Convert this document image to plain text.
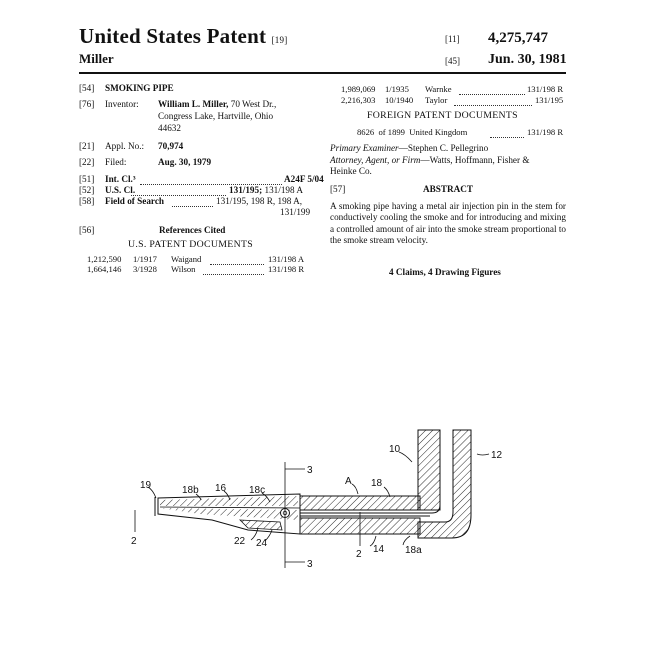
United States Patent [19]
Miller
[11] 4,275,747
[45] Jun. 30, 1981
[54] SMOKING PIPE
[76] Inventor: William L. Miller, 70 West Dr.,
Congress Lake, Hartville, Ohio
44632
[21] Appl. No.: 70,974
[22] Filed:	Aug. 30, 1979
[51] Int. Cl.³	A24F 5/04
[52] U.S. Cl.	131/195; 131/198 A
[58] Field of Search	131/195, 198 R, 198 A,
131/199
[56]	References Cited
U.S. PATENT DOCUMENTS
1,212,590 1/1917 Waigand	131/198 A
1,664,146 3/1928 Wilson	131/198 R
1,989,069 1/1935 Warnke	131/198 R
2,216,303 10/1940 Taylor	131/195
FOREIGN PATENT DOCUMENTS
8626 of 1899 United Kingdom	131/198 R
Primary Examiner—Stephen C. Pellegrino
Attorney, Agent, or Firm—Watts, Hoffmann, Fisher &
Heinke Co.
[57]	ABSTRACT
A smoking pipe having a metal air injection pin in the stem for conductively cooling the smoke and for introducing and mixing a controlled amount of air into the smoke stream proportional to the smoke stream velocity.
4 Claims, 4 Drawing Figures
10
12
3
19	18b 16 18c
A 18
2	22 24
2 14 18a
3
